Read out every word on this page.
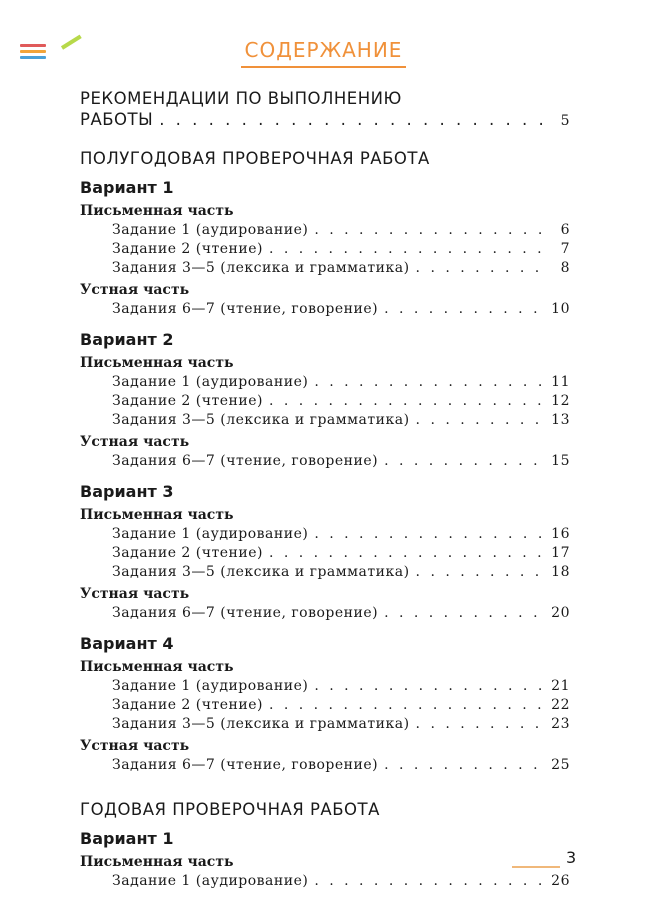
СОДЕРЖАНИЕ
РЕКОМЕНДАЦИИ ПО ВЫПОЛНЕНИЮ
РАБОТЫ . . .	5
ПОЛУГОДОВАЯ ПРОВЕРОЧНАЯ РАБОТА
Вариант 1
Письменная часть
Задание 1 (аудирование) . . .	6
Задание 2 (чтение) . . .	7
Задания 3—5 (лексика и грамматика) . . .	8
Устная часть
Задания 6—7 (чтение, говорение) . . .	10
Вариант 2
Письменная часть
Задание 1 (аудирование) . . .	11
Задание 2 (чтение) . . .	12
Задания 3—5 (лексика и грамматика) . . .	13
Устная часть
Задания 6—7 (чтение, говорение) . . .	15
Вариант 3
Письменная часть
Задание 1 (аудирование) . . .	16
Задание 2 (чтение) . . .	17
Задания 3—5 (лексика и грамматика) . . .	18
Устная часть
Задания 6—7 (чтение, говорение) . . .	20
Вариант 4
Письменная часть
Задание 1 (аудирование) . . .	21
Задание 2 (чтение) . . .	22
Задания 3—5 (лексика и грамматика) . . .	23
Устная часть
Задания 6—7 (чтение, говорение) . . .	25
ГОДОВАЯ ПРОВЕРОЧНАЯ РАБОТА
Вариант 1
Письменная часть
Задание 1 (аудирование) . . .	26
3
